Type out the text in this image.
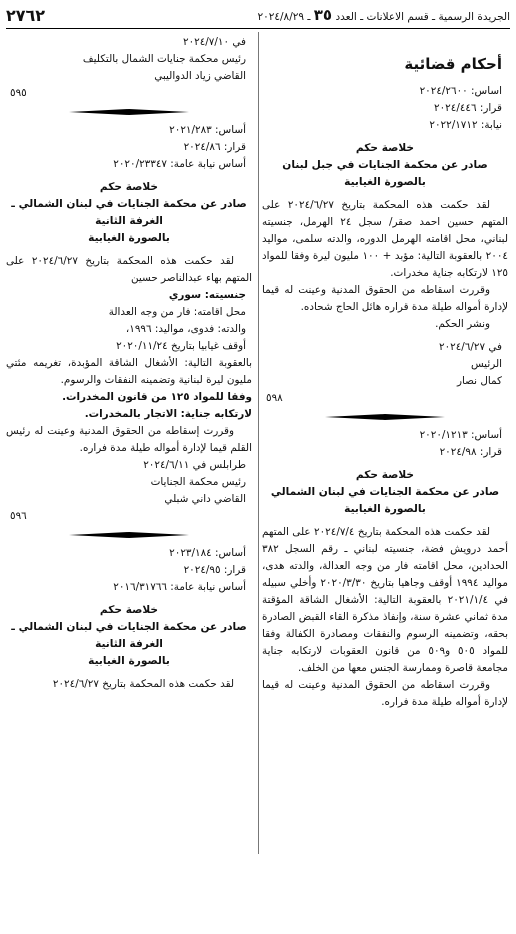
الجريدة الرسمية ـ قسم الاعلانات ـ العدد ٣٥ ـ ٢٠٢٤/٨/٢٩
٢٧٦٢
أحكام قضائية
اساس: ٢٠٢٤/٢٦٠٠
قرار: ٢٠٢٤/٤٤٦
نيابة: ٢٠٢٢/١٧١٢
خلاصة حكم
صادر عن محكمة الجنايات في جبل لبنان
بالصورة الغيابية
لقد حكمت هذه المحكمة بتاريخ ٢٠٢٤/٦/٢٧ على المتهم حسين احمد صقر/ سجل ٢٤ الهرمل، جنسيته لبناني، محل اقامته الهرمل الدوره، والدته سلمى، مواليد ٢٠٠٤ بالعقوبة التالية: مؤبد + ١٠٠ مليون ليرة وفقا للمواد ١٢٥ لارتكابه جناية مخدرات.
وقررت اسقاطه من الحقوق المدنية وعينت له قيما لإدارة أمواله طيلة مدة قراره هائل الحاج شحاده.
ونشر الحكم.
في ٢٠٢٤/٦/٢٧
الرئيس
كمال نصار
٥٩٨
أساس: ٢٠٢٠/١٢١٣
قرار: ٢٠٢٤/٩٨
خلاصة حكم
صادر عن محكمة الجنايات في لبنان الشمالي
بالصورة الغيابية
لقد حكمت هذه المحكمة بتاريخ ٢٠٢٤/٧/٤ على المتهم أحمد درويش فضة، جنسيته لبناني ـ رقم السجل ٣٨٢ الحدادين، محل اقامته فار من وجه العدالة، والدته هدى، مواليد ١٩٩٤ أوقف وجاهيا بتاريخ ٢٠٢٠/٣/٣٠ وأخلي سبيله في ٢٠٢١/١/٤ بالعقوبة التالية: الأشغال الشاقة المؤقتة مدة ثماني عشرة سنة، وإنفاذ مذكرة القاء القبض الصادرة بحقه، وتضمينه الرسوم والنفقات ومصادرة الكفالة وفقا للمواد ٥٠٥ و٥٠٩ من قانون العقوبات لارتكابه جناية مجامعة قاصرة وممارسة الجنس معها من الخلف.
وقررت اسقاطه من الحقوق المدنية وعينت له قيما لإدارة أمواله طيلة مدة فراره.
في ٢٠٢٤/٧/١٠
رئيس محكمة جنايات الشمال بالتكليف
القاضي زياد الدواليبي
٥٩٥
أساس: ٢٠٢١/٢٨٣
قرار: ٢٠٢٤/٨٦
أساس نيابة عامة: ٢٠٢٠/٢٣٣٤٧
خلاصة حكم
صادر عن محكمة الجنايات في لبنان الشمالي ـ
الغرفة الثانية
بالصورة الغيابية
لقد حكمت هذه المحكمة بتاريخ ٢٠٢٤/٦/٢٧ على المتهم بهاء عبدالناصر حسين
جنسيته: سوري
محل اقامته: فار من وجه العدالة
والدته: فدوى، مواليد: ١٩٩٦،
أوقف غيابيا بتاريخ ٢٠٢٠/١١/٢٤
بالعقوبة التالية: الأشغال الشاقة المؤبدة، تغريمه مئتي مليون ليرة لبنانية وتضمينه النفقات والرسوم.
وفقا للمواد ١٢٥ من قانون المخدرات.
لارتكابه جناية: الاتجار بالمخدرات.
وقررت إسقاطه من الحقوق المدنية وعينت له رئيس القلم قيما لإدارة أمواله طيلة مدة فراره.
طرابلس في ٢٠٢٤/٦/١١
رئيس محكمة الجنايات
القاضي داني شبلي
٥٩٦
أساس: ٢٠٢٣/١٨٤
قرار: ٢٠٢٤/٩٥
أساس نيابة عامة: ٢٠١٦/٣١٧٦٦
خلاصة حكم
صادر عن محكمة الجنايات في لبنان الشمالي ـ
الغرفة الثانية
بالصورة الغيابية
لقد حكمت هذه المحكمة بتاريخ ٢٠٢٤/٦/٢٧
